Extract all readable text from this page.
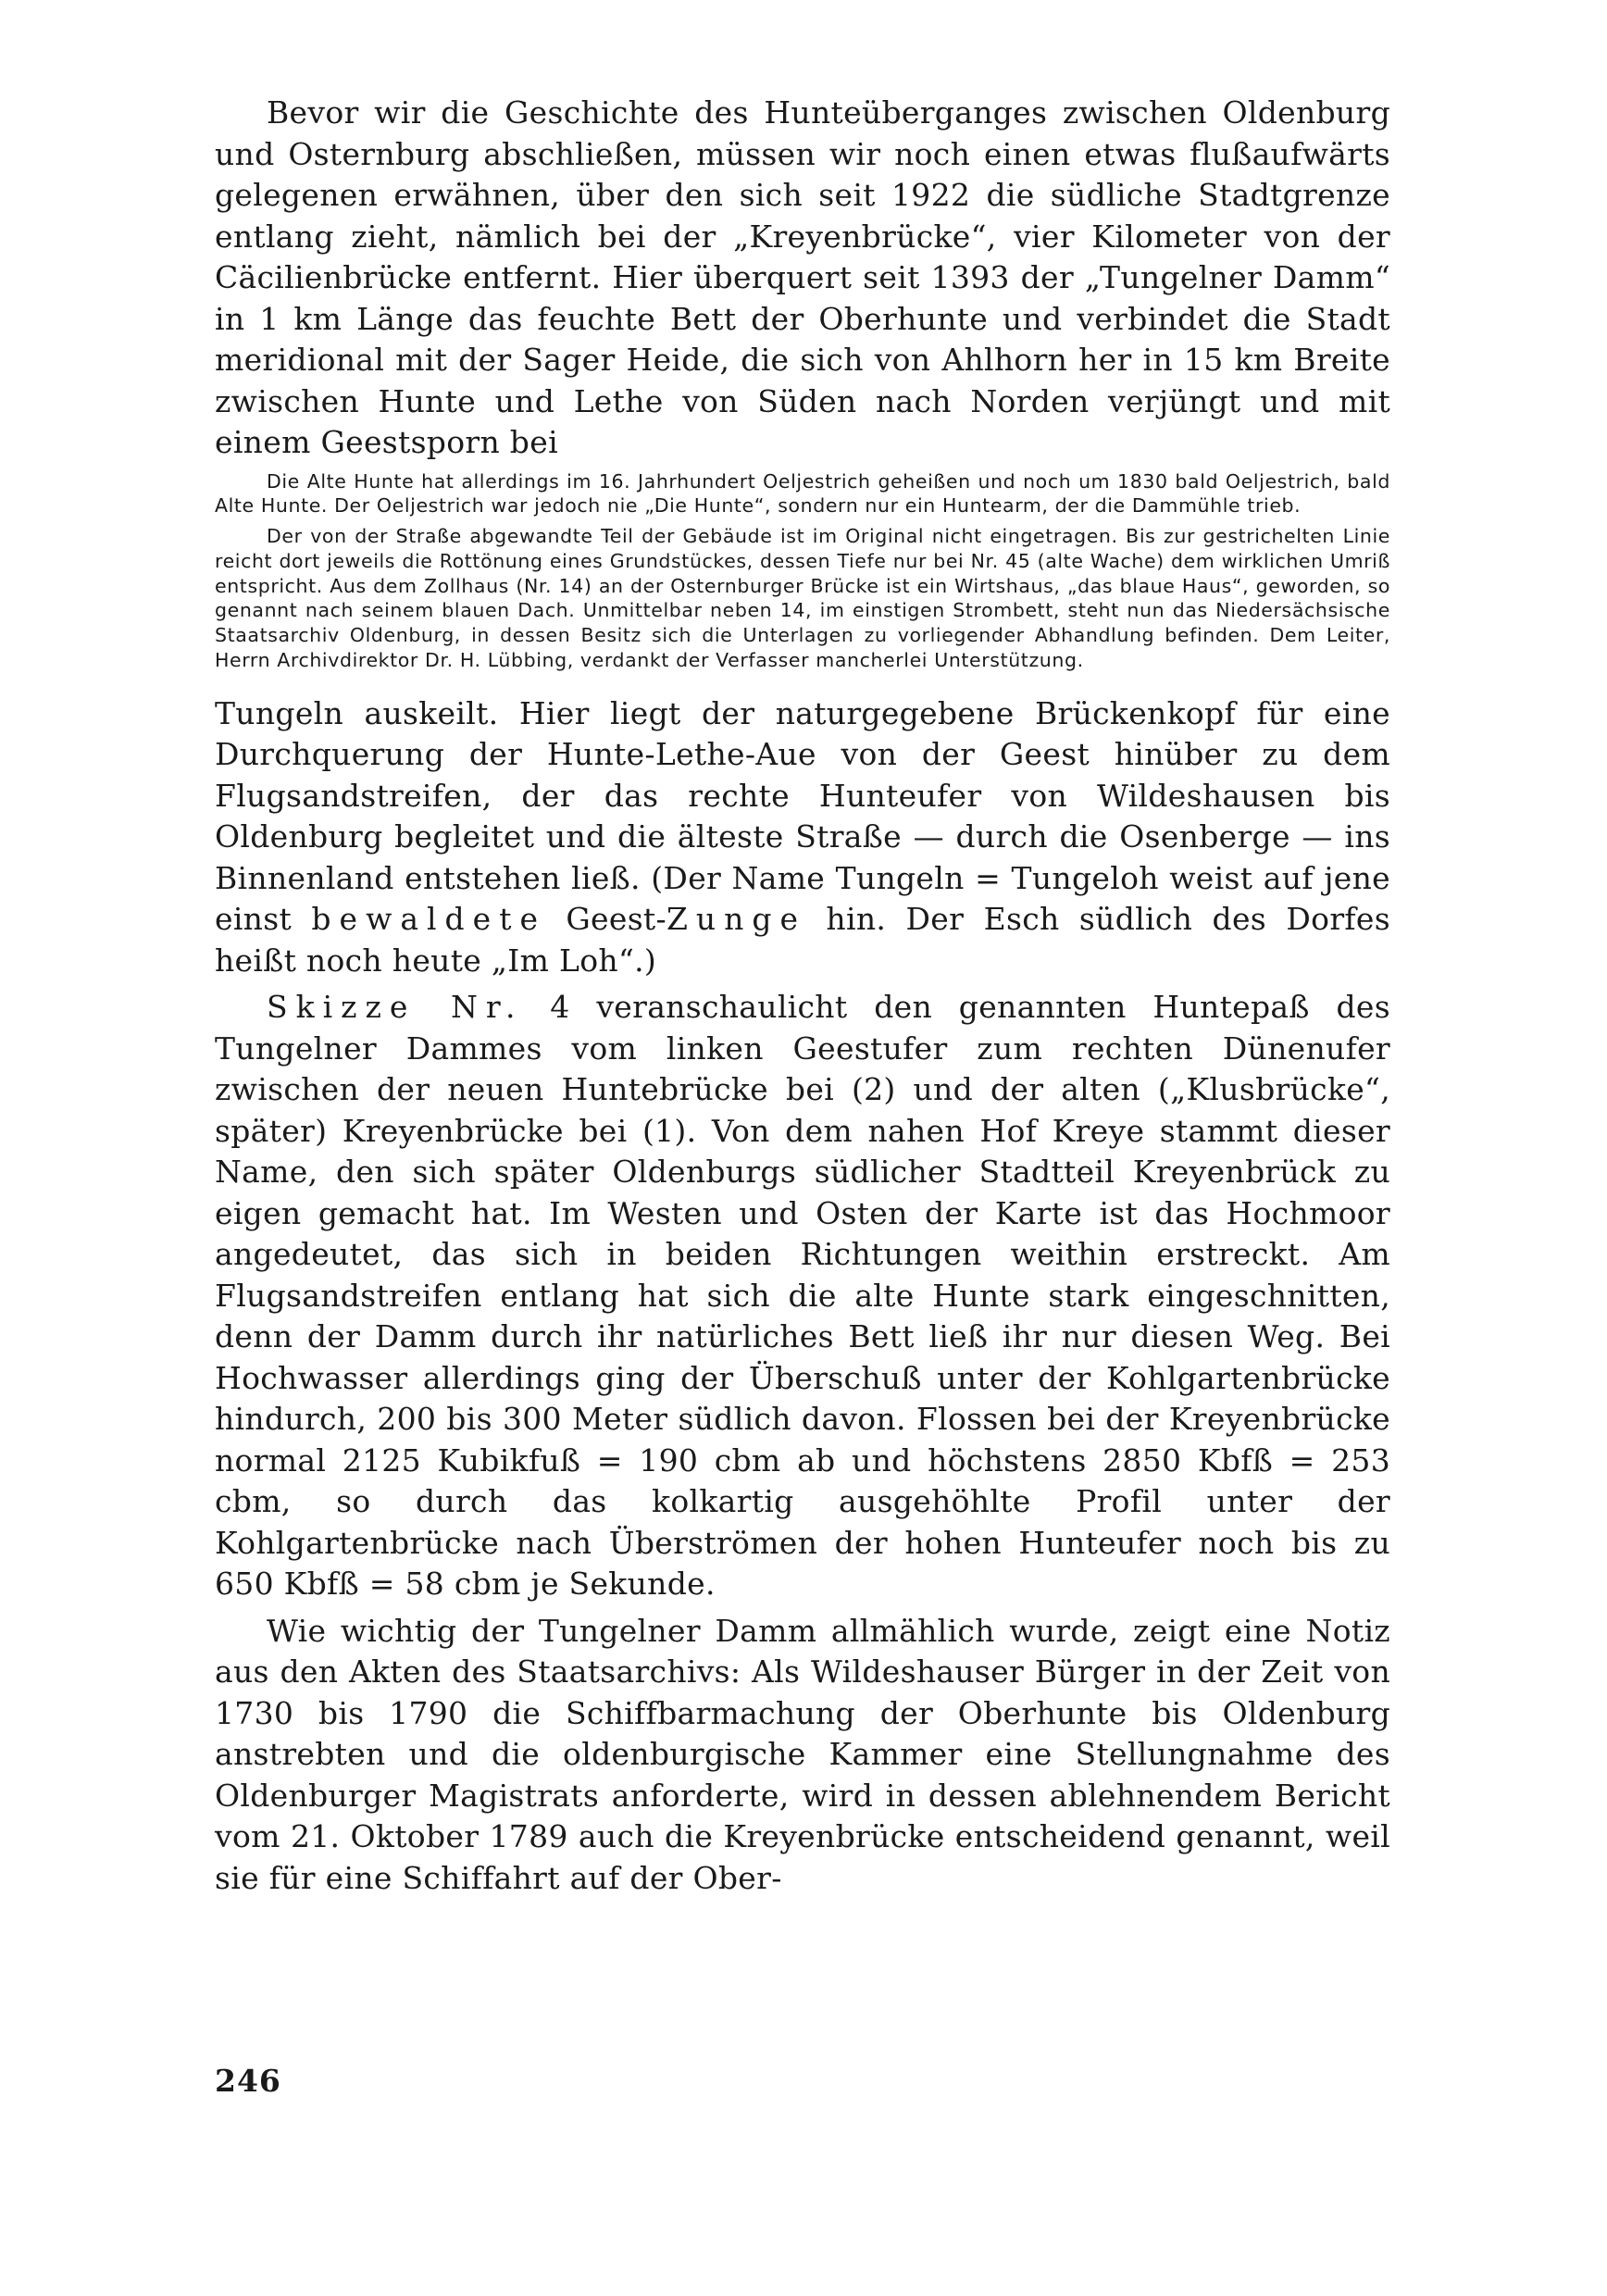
Bevor wir die Geschichte des Hunteüberganges zwischen Oldenburg und Osternburg abschließen, müssen wir noch einen etwas flußaufwärts gelegenen erwähnen, über den sich seit 1922 die südliche Stadtgrenze entlang zieht, nämlich bei der „Kreyenbrücke“, vier Kilometer von der Cäcilienbrücke entfernt. Hier überquert seit 1393 der „Tungelner Damm“ in 1 km Länge das feuchte Bett der Oberhunte und verbindet die Stadt meridional mit der Sager Heide, die sich von Ahlhorn her in 15 km Breite zwischen Hunte und Lethe von Süden nach Norden verjüngt und mit einem Geestsporn bei

Die Alte Hunte hat allerdings im 16. Jahrhundert Oeljestrich geheißen und noch um 1830 bald Oeljestrich, bald Alte Hunte. Der Oeljestrich war jedoch nie „Die Hunte“, sondern nur ein Huntearm, der die Dammühle trieb.

Der von der Straße abgewandte Teil der Gebäude ist im Original nicht eingetragen. Bis zur gestrichelten Linie reicht dort jeweils die Rottönung eines Grundstückes, dessen Tiefe nur bei Nr. 45 (alte Wache) dem wirklichen Umriß entspricht. Aus dem Zollhaus (Nr. 14) an der Osternburger Brücke ist ein Wirtshaus, „das blaue Haus“, geworden, so genannt nach seinem blauen Dach. Unmittelbar neben 14, im einstigen Strombett, steht nun das Niedersächsische Staatsarchiv Oldenburg, in dessen Besitz sich die Unterlagen zu vorliegender Abhandlung befinden. Dem Leiter, Herrn Archivdirektor Dr. H. Lübbing, verdankt der Verfasser mancherlei Unterstützung.

Tungeln auskeilt. Hier liegt der naturgegebene Brückenkopf für eine Durchquerung der Hunte-Lethe-Aue von der Geest hinüber zu dem Flugsandstreifen, der das rechte Hunteufer von Wildeshausen bis Oldenburg begleitet und die älteste Straße — durch die Osenberge — ins Binnenland entstehen ließ. (Der Name Tungeln = Tungeloh weist auf jene einst bewaldete Geest-Zunge hin. Der Esch südlich des Dorfes heißt noch heute „Im Loh“.)

Skizze Nr. 4 veranschaulicht den genannten Huntepaß des Tungelner Dammes vom linken Geestufer zum rechten Dünenufer zwischen der neuen Huntebrücke bei (2) und der alten („Klusbrücke“, später) Kreyenbrücke bei (1). Von dem nahen Hof Kreye stammt dieser Name, den sich später Oldenburgs südlicher Stadtteil Kreyenbrück zu eigen gemacht hat. Im Westen und Osten der Karte ist das Hochmoor angedeutet, das sich in beiden Richtungen weithin erstreckt. Am Flugsandstreifen entlang hat sich die alte Hunte stark eingeschnitten, denn der Damm durch ihr natürliches Bett ließ ihr nur diesen Weg. Bei Hochwasser allerdings ging der Überschuß unter der Kohlgartenbrücke hindurch, 200 bis 300 Meter südlich davon. Flossen bei der Kreyenbrücke normal 2125 Kubikfuß = 190 cbm ab und höchstens 2850 Kbfß = 253 cbm, so durch das kolkartig ausgehöhlte Profil unter der Kohlgartenbrücke nach Überströmen der hohen Hunteufer noch bis zu 650 Kbfß = 58 cbm je Sekunde.

Wie wichtig der Tungelner Damm allmählich wurde, zeigt eine Notiz aus den Akten des Staatsarchivs: Als Wildeshauser Bürger in der Zeit von 1730 bis 1790 die Schiffbarmachung der Oberhunte bis Oldenburg anstrebten und die oldenburgische Kammer eine Stellungnahme des Oldenburger Magistrats anforderte, wird in dessen ablehnendem Bericht vom 21. Oktober 1789 auch die Kreyenbrücke entscheidend genannt, weil sie für eine Schiffahrt auf der Ober-

246
